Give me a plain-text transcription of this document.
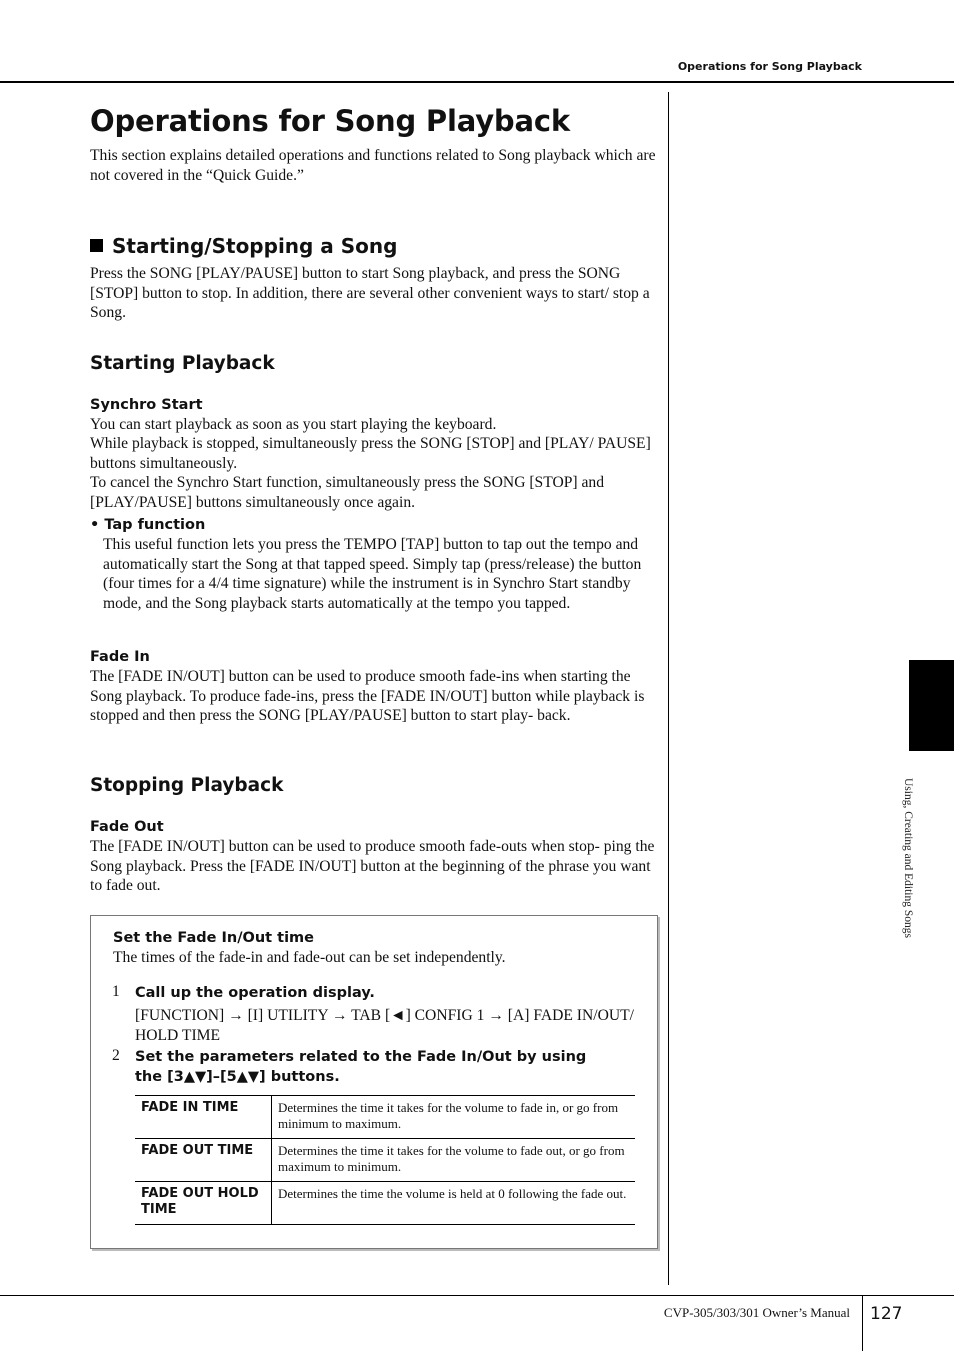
Operations for Song Playback
Using, Creating and Editing Songs
Operations for Song Playback
This section explains detailed operations and functions related to Song playback which are not covered in the “Quick Guide.”
Starting/Stopping a Song
Press the SONG [PLAY/PAUSE] button to start Song playback, and press the SONG [STOP] button to stop. In addition, there are several other convenient ways to start/ stop a Song.
Starting Playback
Synchro Start
You can start playback as soon as you start playing the keyboard.
While playback is stopped, simultaneously press the SONG [STOP] and [PLAY/ PAUSE] buttons simultaneously.
To cancel the Synchro Start function, simultaneously press the SONG [STOP] and [PLAY/PAUSE] buttons simultaneously once again.
• Tap function
This useful function lets you press the TEMPO [TAP] button to tap out the tempo and automatically start the Song at that tapped speed. Simply tap (press/release) the button (four times for a 4/4 time signature) while the instrument is in Synchro Start standby mode, and the Song playback starts automatically at the tempo you tapped.
Fade In
The [FADE IN/OUT] button can be used to produce smooth fade-ins when starting the Song playback. To produce fade-ins, press the [FADE IN/OUT] button while playback is stopped and then press the SONG [PLAY/PAUSE] button to start play- back.
Stopping Playback
Fade Out
The [FADE IN/OUT] button can be used to produce smooth fade-outs when stop- ping the Song playback. Press the [FADE IN/OUT] button at the beginning of the phrase you want to fade out.
Set the Fade In/Out time
The times of the fade-in and fade-out can be set independently.
1 Call up the operation display.
[FUNCTION] → [I] UTILITY → TAB [◄] CONFIG 1 → [A] FADE IN/OUT/ HOLD TIME
2 Set the parameters related to the Fade In/Out by using the [3▲▼]–[5▲▼] buttons.
FADE IN TIME	Determines the time it takes for the volume to fade in, or go from minimum to maximum.
FADE OUT TIME	Determines the time it takes for the volume to fade out, or go from maximum to minimum.
FADE OUT HOLD TIME	Determines the time the volume is held at 0 following the fade out.
CVP-305/303/301 Owner’s Manual 127
